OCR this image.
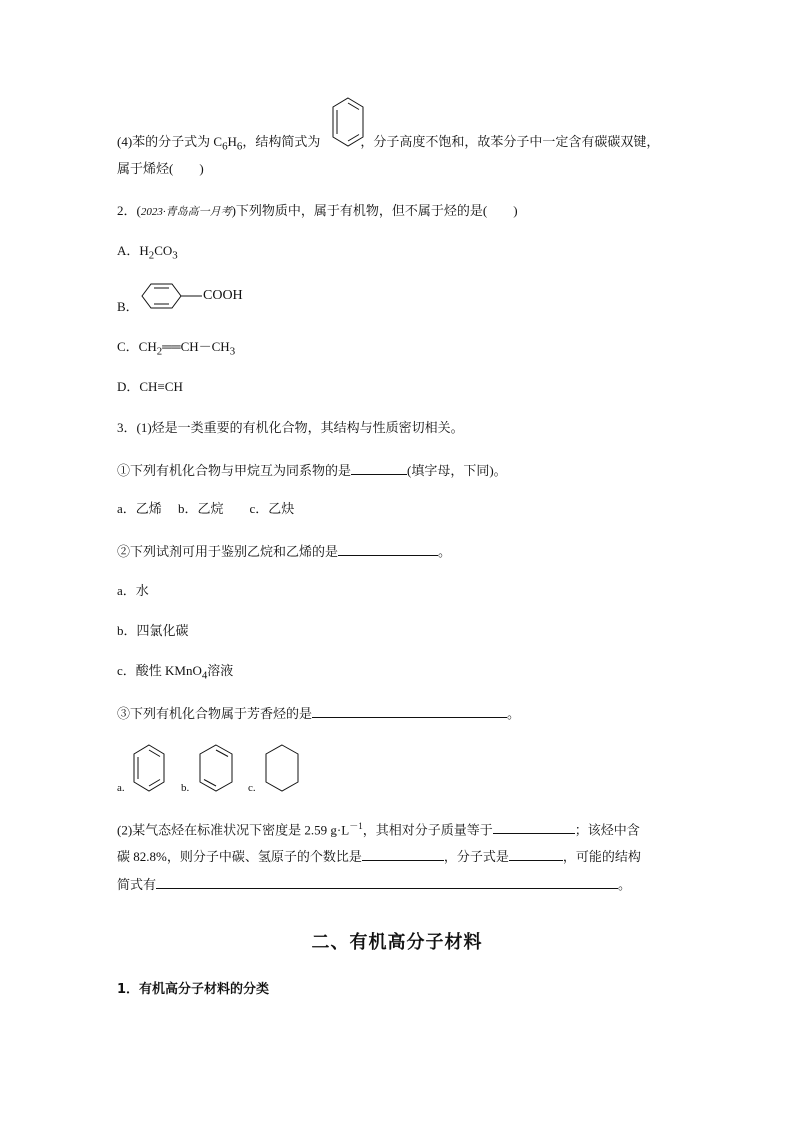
(4)苯的分子式为 $C_6H_6$，结构简式为	，分子高度不饱和，故苯分子中一定含有碳碳双键，
属于烯烃(　　)
2．(2023·青岛高一月考)下列物质中，属于有机物，但不属于烃的是(　　)
A．$H_2CO_3$
B．
COOH
C．$CH_2══CH-CH_3$
D．CH≡CH
3．(1)烃是一类重要的有机化合物，其结构与性质密切相关。
①下列有机化合物与甲烷互为同系物的是	(填字母，下同)。
a．乙烯　 b．乙烷　　c．乙炔
②下列试剂可用于鉴别乙烷和乙烯的是	。
a．水
b．四氯化碳
c．酸性 KMnO$_4$溶液
③下列有机化合物属于芳香烃的是	。
a.	b.	c.
(2)某气态烃在标准状况下密度是 2.59 $g\cdot L^{-1}$，其相对分子质量等于	；该烃中含
碳 82.8%，则分子中碳、氢原子的个数比是	，分子式是	，可能的结构
简式有	。
二、有机高分子材料
1．有机高分子材料的分类
